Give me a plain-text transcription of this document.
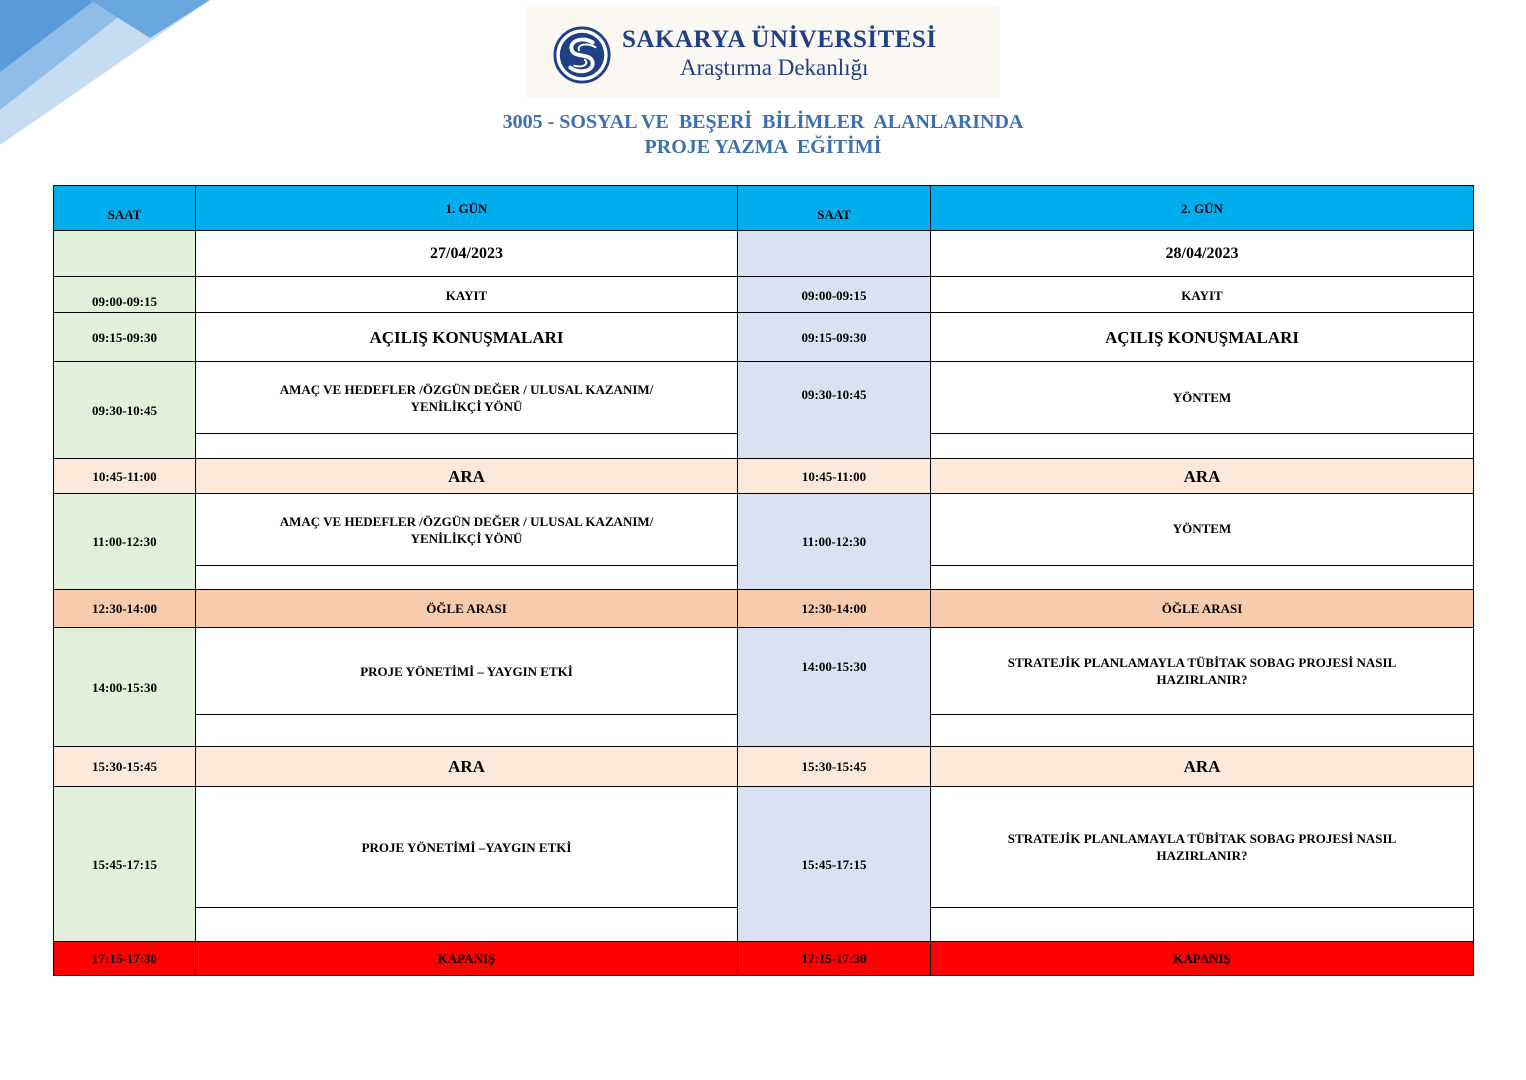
SAKARYA ÜNİVERSİTESİ
Araştırma Dekanlığı
3005 - SOSYAL VE  BEŞERİ  BİLİMLER  ALANLARINDA
PROJE YAZMA  EĞİTİMİ
SAAT	1. GÜN	SAAT	2. GÜN
	27/04/2023		28/04/2023
09:00-09:15	KAYIT	09:00-09:15	KAYIT
09:15-09:30	AÇILIŞ KONUŞMALARI	09:15-09:30	AÇILIŞ KONUŞMALARI
09:30-10:45	AMAÇ VE HEDEFLER /ÖZGÜN DEĞER / ULUSAL KAZANIM/ YENİLİKÇİ YÖNÜ	09:30-10:45	YÖNTEM

10:45-11:00	ARA	10:45-11:00	ARA
11:00-12:30	AMAÇ VE HEDEFLER /ÖZGÜN DEĞER / ULUSAL KAZANIM/ YENİLİKÇİ YÖNÜ	11:00-12:30	YÖNTEM

12:30-14:00	ÖĞLE ARASI	12:30-14:00	ÖĞLE ARASI
14:00-15:30	PROJE YÖNETİMİ – YAYGIN ETKİ	14:00-15:30	STRATEJİK PLANLAMAYLA TÜBİTAK SOBAG PROJESİ NASIL HAZIRLANIR?

15:30-15:45	ARA	15:30-15:45	ARA
15:45-17:15	PROJE YÖNETİMİ –YAYGIN ETKİ	15:45-17:15	STRATEJİK PLANLAMAYLA TÜBİTAK SOBAG PROJESİ NASIL HAZIRLANIR?

17:15-17:30	KAPANIŞ	17:15-17:30	KAPANIŞ
